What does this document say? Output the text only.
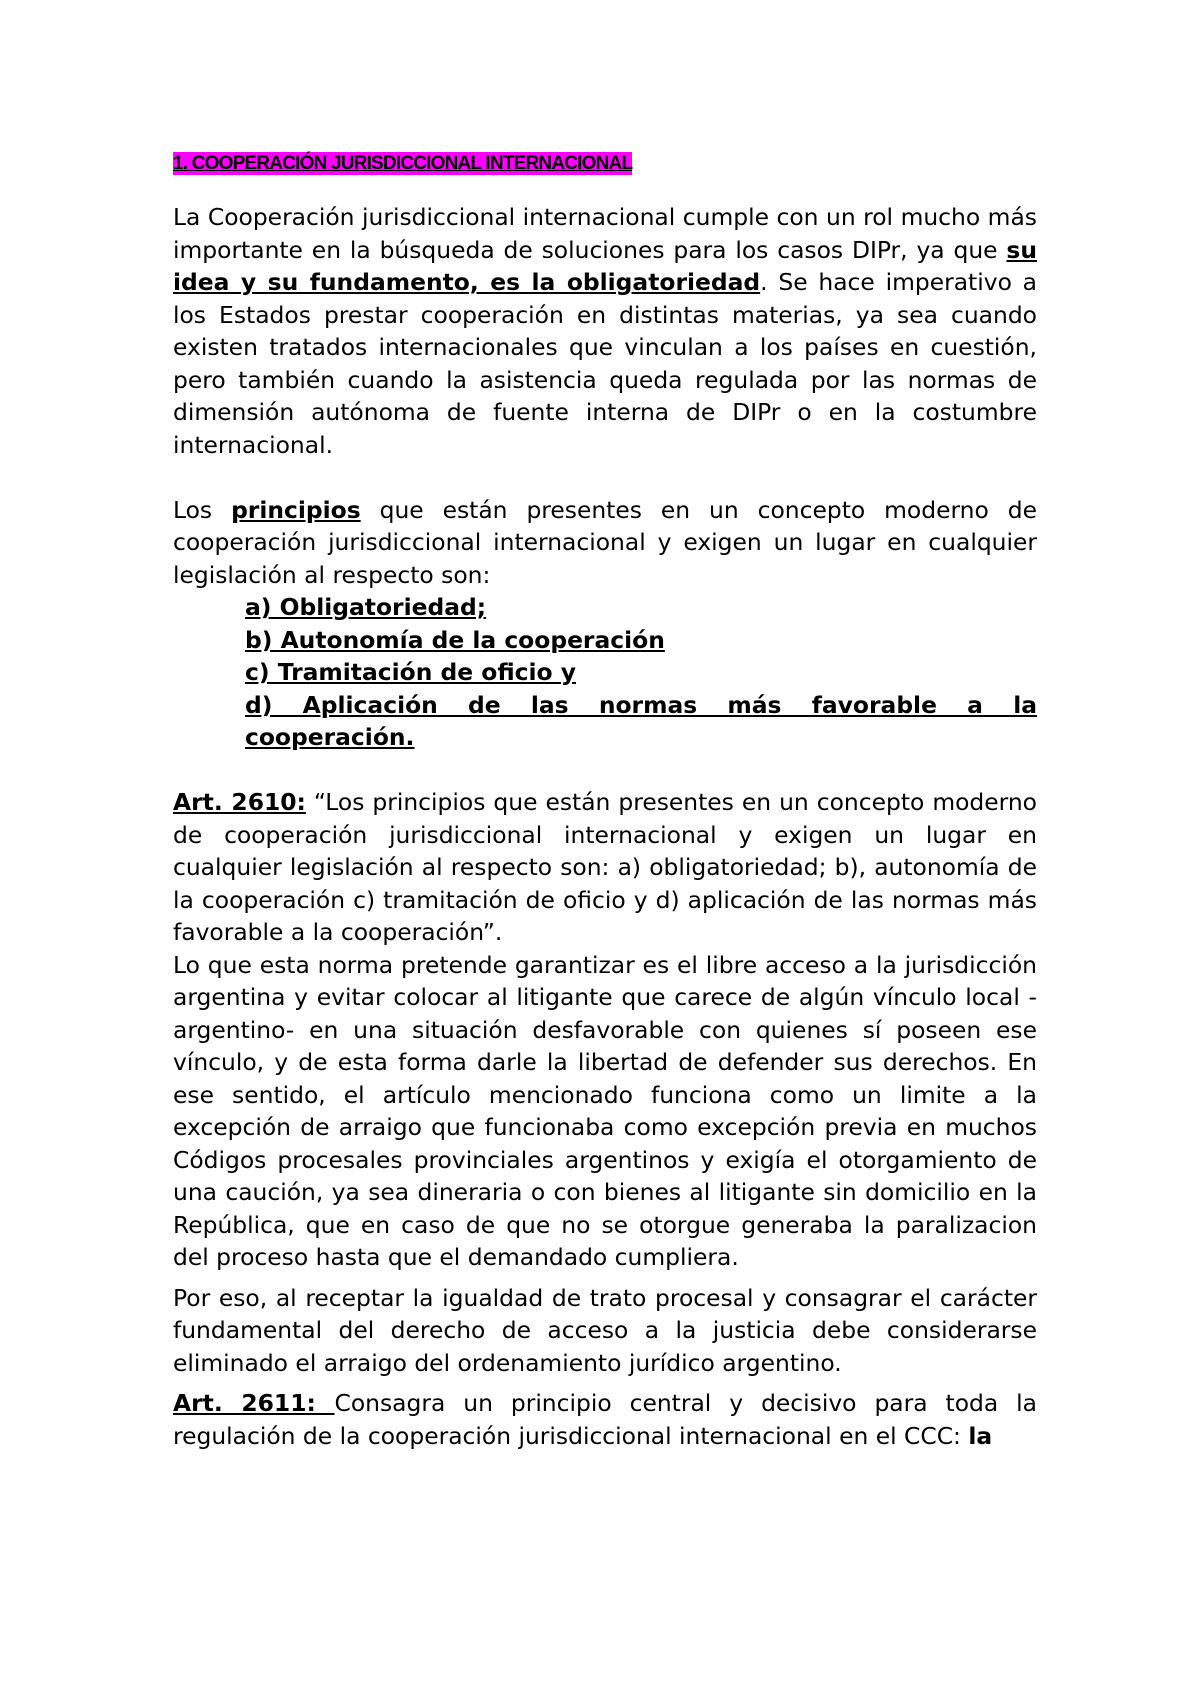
1. COOPERACIÓN JURISDICCIONAL INTERNACIONAL

La Cooperación jurisdiccional internacional cumple con un rol mucho más importante en la búsqueda de soluciones para los casos DIPr, ya que su idea y su fundamento, es la obligatoriedad. Se hace imperativo a los Estados prestar cooperación en distintas materias, ya sea cuando existen tratados internacionales que vinculan a los países en cuestión, pero también cuando la asistencia queda regulada por las normas de dimensión autónoma de fuente interna de DIPr o en la costumbre internacional.

Los principios que están presentes en un concepto moderno de cooperación jurisdiccional internacional y exigen un lugar en cualquier legislación al respecto son:

a) Obligatoriedad;
b) Autonomía de la cooperación
c) Tramitación de oficio y
d) Aplicación de las normas más favorable a la cooperación.

Art. 2610: “Los principios que están presentes en un concepto moderno de cooperación jurisdiccional internacional y exigen un lugar en cualquier legislación al respecto son: a) obligatoriedad; b), autonomía de la cooperación c) tramitación de oficio y d) aplicación de las normas más favorable a la cooperación”.

Lo que esta norma pretende garantizar es el libre acceso a la jurisdicción argentina y evitar colocar al litigante que carece de algún vínculo local -argentino- en una situación desfavorable con quienes sí poseen ese vínculo, y de esta forma darle la libertad de defender sus derechos. En ese sentido, el artículo mencionado funciona como un limite a la excepción de arraigo que funcionaba como excepción previa en muchos Códigos procesales provinciales argentinos y exigía el otorgamiento de una caución, ya sea dineraria o con bienes al litigante sin domicilio en la República, que en caso de que no se otorgue generaba la paralizacion del proceso hasta que el demandado cumpliera.

Por eso, al receptar la igualdad de trato procesal y consagrar el carácter fundamental del derecho de acceso a la justicia debe considerarse eliminado el arraigo del ordenamiento jurídico argentino.

Art. 2611: Consagra un principio central y decisivo para toda la regulación de la cooperación jurisdiccional internacional en el CCC: la
